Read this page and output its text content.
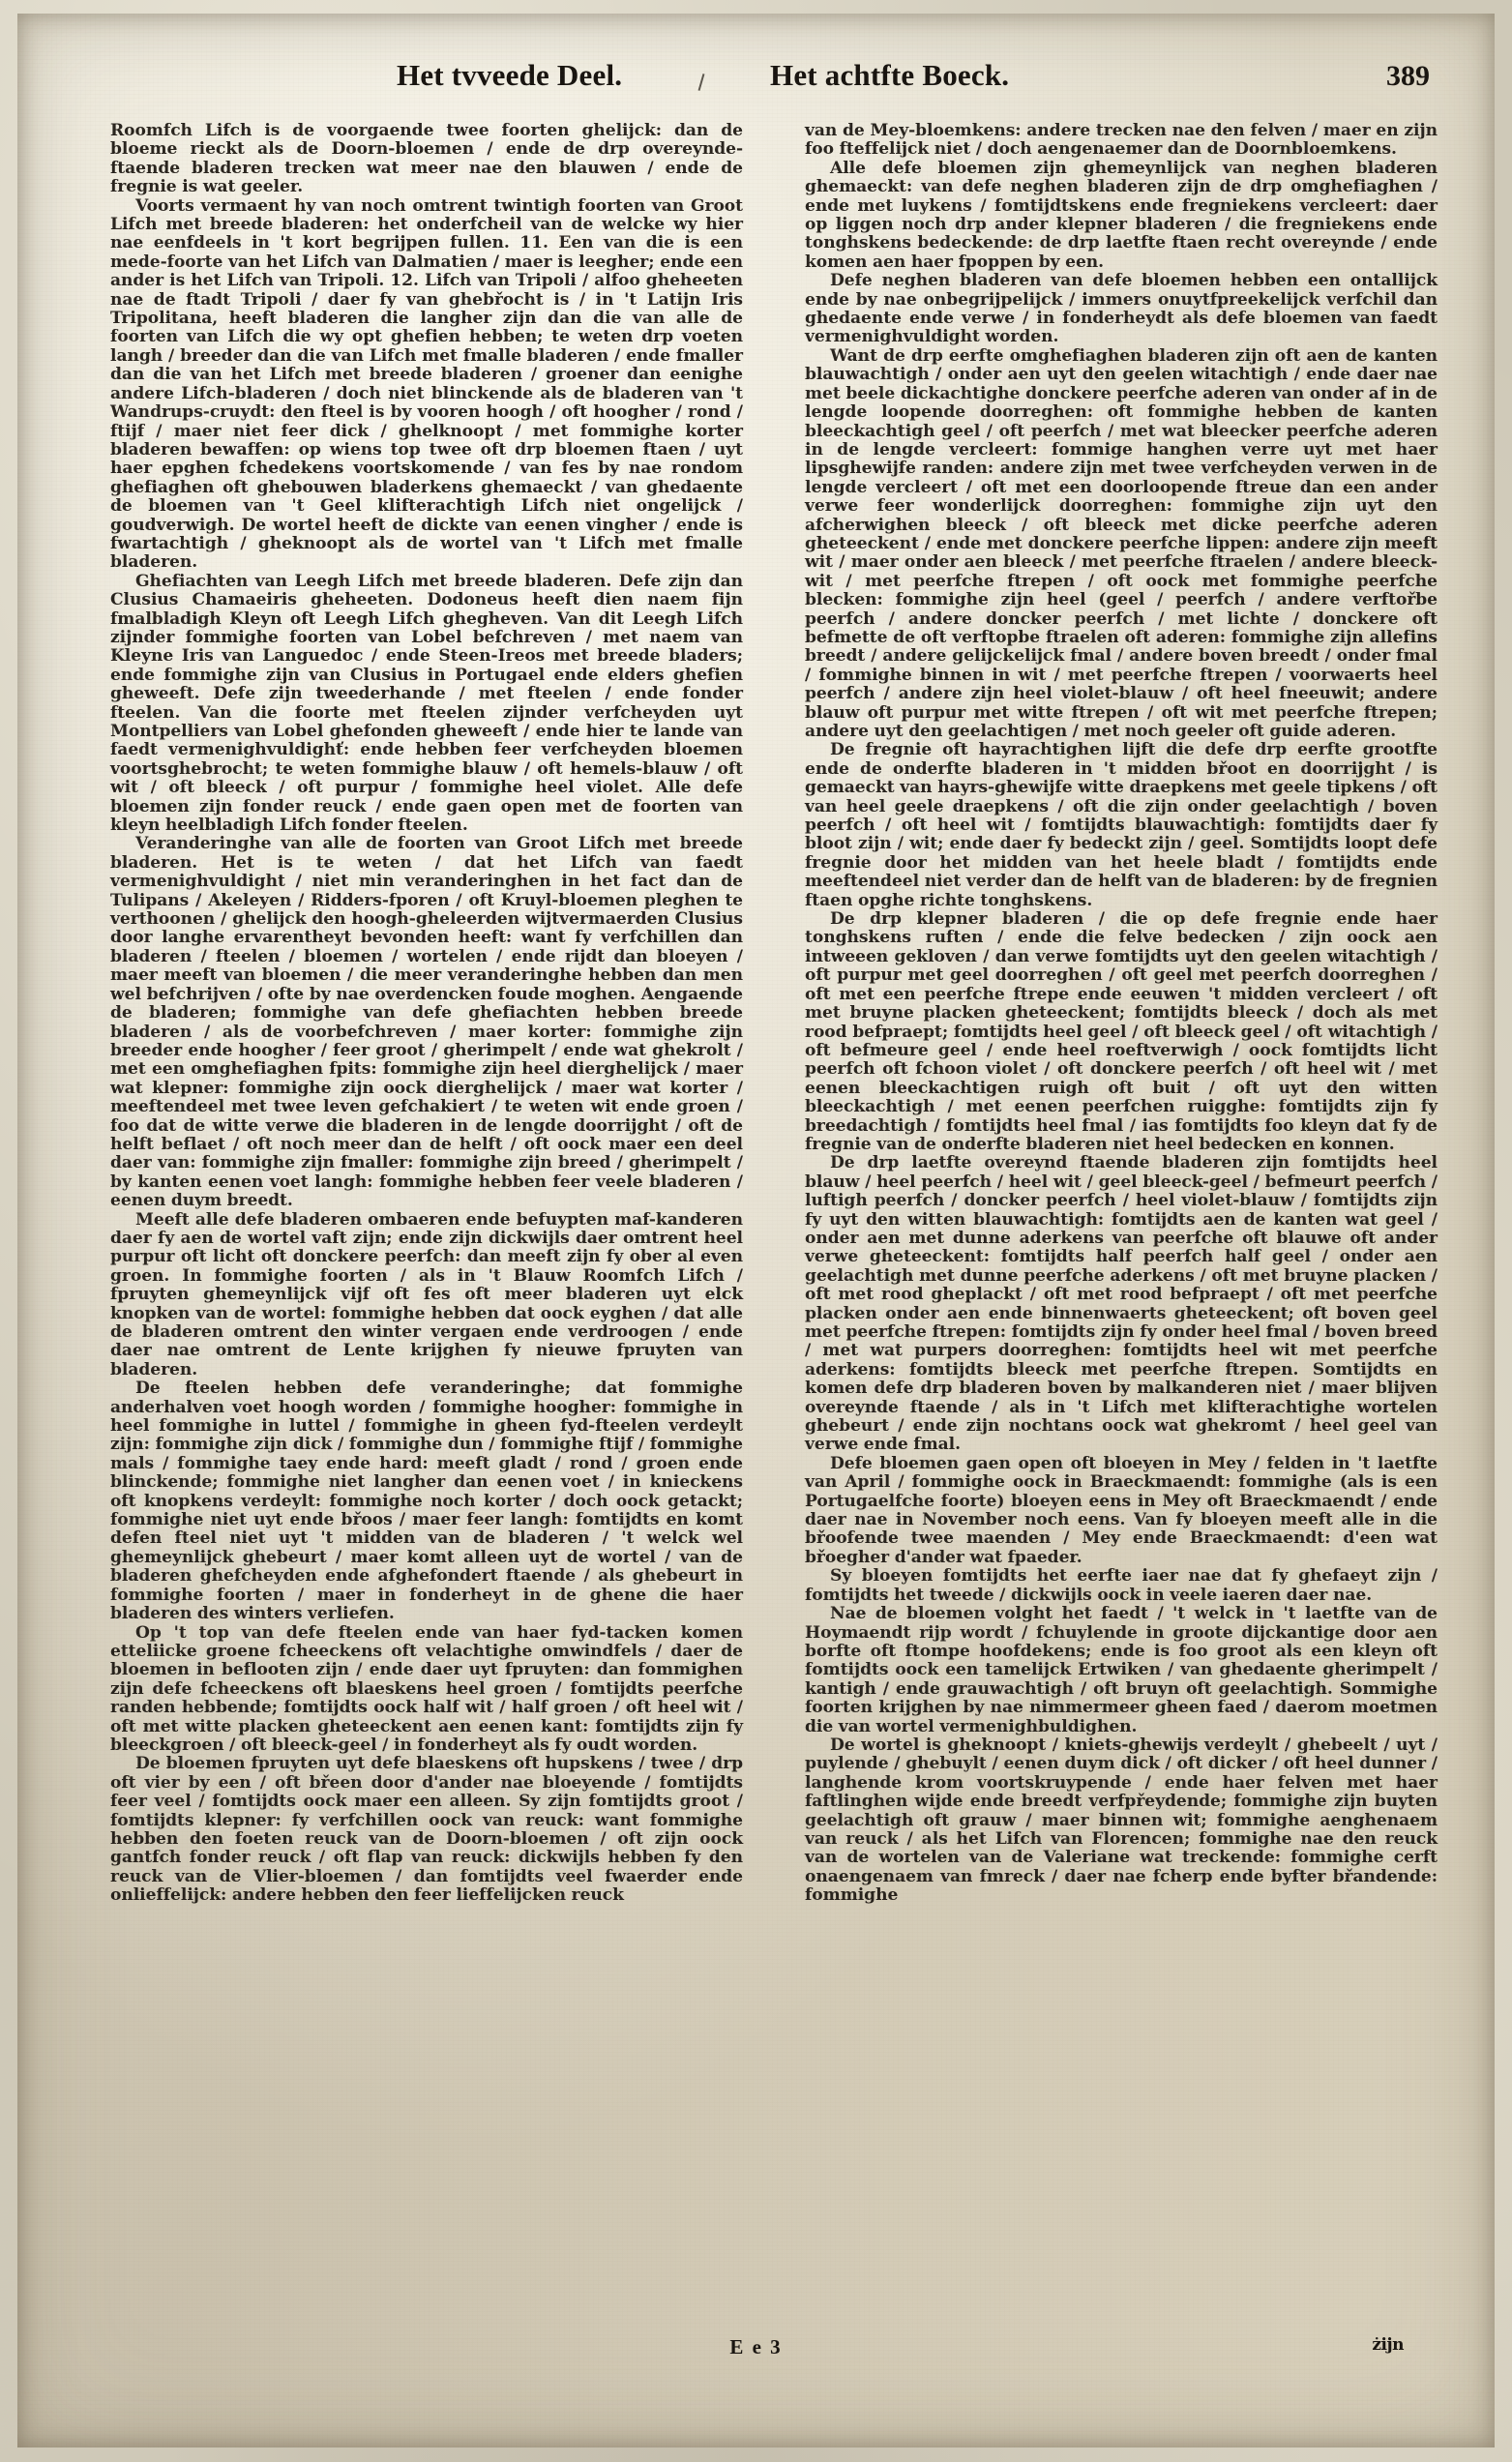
Het tvveede Deel.	Het achtfte Boeck.	389

Roomfch Lifch is de voorgaende twee foorten ghelijck: dan de bloeme rieckt als de Doorn-bloemen / ende de drp overeynde-ftaende bladeren trecken wat meer nae den blauwen / ende de fregnie is wat geeler.

Voorts vermaent hy van noch omtrent twintigh foorten van Groot Lifch met breede bladeren: het onderfcheil van de welcke wy hier nae eenfdeels in 't kort begrijpen fullen. 11. Een van die is een mede-foorte van het Lifch van Dalmatien / maer is leegher; ende een ander is het Lifch van Tripoli. 12. Lifch van Tripoli / alfoo gheheeten nae de ftadt Tripoli / daer fy van ghebřocht is / in 't Latijn Iris Tripolitana, heeft bladeren die langher zijn dan die van alle de foorten van Lifch die wy opt ghefien hebben; te weten drp voeten langh / breeder dan die van Lifch met fmalle bladeren / ende fmaller dan die van het Lifch met breede bladeren / groener dan eenighe andere Lifch-bladeren / doch niet blinckende als de bladeren van 't Wandrups-cruydt: den fteel is by vooren hoogh / oft hoogher / rond / ftijf / maer niet feer dick / ghelknoopt / met fommighe korter bladeren bewaffen: op wiens top twee oft drp bloemen ftaen / uyt haer epghen fchedekens voortskomende / van fes by nae rondom ghefiaghen oft ghebouwen bladerkens ghemaeckt / van ghedaente de bloemen van 't Geel klifterachtigh Lifch niet ongelijck / goudverwigh. De wortel heeft de dickte van eenen vingher / ende is fwartachtigh / gheknoopt als de wortel van 't Lifch met fmalle bladeren.

Ghefiachten van Leegh Lifch met breede bladeren. Defe zijn dan Clusius Chamaeiris gheheeten. Dodoneus heeft dien naem fijn fmalbladigh Kleyn oft Leegh Lifch ghegheven. Van dit Leegh Lifch zijnder fommighe foorten van Lobel befchreven / met naem van Kleyne Iris van Languedoc / ende Steen-Ireos met breede bladers; ende fommighe zijn van Clusius in Portugael ende elders ghefien gheweeft. Defe zijn tweederhande / met fteelen / ende fonder fteelen. Van die foorte met fteelen zijnder verfcheyden uyt Montpelliers van Lobel ghefonden gheweeft / ende hier te lande van faedt vermenighvuldighť: ende hebben feer verfcheyden bloemen voortsghebrocht; te weten fommighe blauw / oft hemels-blauw / oft wit / oft bleeck / oft purpur / fommighe heel violet. Alle defe bloemen zijn fonder reuck / ende gaen open met de foorten van kleyn heelbladigh Lifch fonder fteelen.

Veranderinghe van alle de foorten van Groot Lifch met breede bladeren. Het is te weten / dat het Lifch van faedt vermenighvuldight / niet min veranderinghen in het fact dan de Tulipans / Akeleyen / Ridders-fporen / oft Kruyl-bloemen pleghen te verthoonen / ghelijck den hoogh-gheleerden wijtvermaerden Clusius door langhe ervarentheyt bevonden heeft: want fy verfchillen dan bladeren / fteelen / bloemen / wortelen / ende rijdt dan bloeyen / maer meeft van bloemen / die meer veranderinghe hebben dan men wel befchrijven / ofte by nae overdencken foude moghen. Aengaende de bladeren; fommighe van defe ghefiachten hebben breede bladeren / als de voorbefchreven / maer korter: fommighe zijn breeder ende hoogher / feer groot / gherimpelt / ende wat ghekrolt / met een omghefiaghen fpits: fommighe zijn heel dierghelijck / maer wat klepner: fommighe zijn oock dierghelijck / maer wat korter / meeftendeel met twee leven gefchakiert / te weten wit ende groen / foo dat de witte verwe die bladeren in de lengde doorrijght / oft de helft beflaet / oft noch meer dan de helft / oft oock maer een deel daer van: fommighe zijn fmaller: fommighe zijn breed / gherimpelt / by kanten eenen voet langh: fommighe hebben feer veele bladeren / eenen duym breedt.

Meeft alle defe bladeren ombaeren ende befuypten maf-kanderen daer fy aen de wortel vaft zijn; ende zijn dickwijls daer omtrent heel purpur oft licht oft donckere peerfch: dan meeft zijn fy ober al even groen. In fommighe foorten / als in 't Blauw Roomfch Lifch / fpruyten ghemeynlijck vijf oft fes oft meer bladeren uyt elck knopken van de wortel: fommighe hebben dat oock eyghen / dat alle de bladeren omtrent den winter vergaen ende verdroogen / ende daer nae omtrent de Lente krijghen fy nieuwe fpruyten van bladeren.

De fteelen hebben defe veranderinghe; dat fommighe anderhalven voet hoogh worden / fommighe hoogher: fommighe in heel fommighe in luttel / fommighe in gheen fyd-fteelen verdeylt zijn: fommighe zijn dick / fommighe dun / fommighe ftijf / fommighe mals / fommighe taey ende hard: meeft gladt / rond / groen ende blinckende; fommighe niet langher dan eenen voet / in knieckens oft knopkens verdeylt: fommighe noch korter / doch oock getackt; fommighe niet uyt ende břoos / maer feer langh: fomtijdts en komt defen fteel niet uyt 't midden van de bladeren / 't welck wel ghemeynlijck ghebeurt / maer komt alleen uyt de wortel / van de bladeren ghefcheyden ende afghefondert ftaende / als ghebeurt in fommighe foorten / maer in fonderheyt in de ghene die haer bladeren des winters verliefen.

Op 't top van defe fteelen ende van haer fyd-tacken komen etteliicke groene fcheeckens oft velachtighe omwindfels / daer de bloemen in beflooten zijn / ende daer uyt fpruyten: dan fommighen zijn defe fcheeckens oft blaeskens heel groen / fomtijdts peerfche randen hebbende; fomtijdts oock half wit / half groen / oft heel wit / oft met witte placken gheteeckent aen eenen kant: fomtijdts zijn fy bleeckgroen / oft bleeck-geel / in fonderheyt als fy oudt worden.

De bloemen fpruyten uyt defe blaeskens oft hupskens / twee / drp oft vier by een / oft břeen door d'ander nae bloeyende / fomtijdts feer veel / fomtijdts oock maer een alleen. Sy zijn fomtijdts groot / fomtijdts klepner: fy verfchillen oock van reuck: want fommighe hebben den foeten reuck van de Doorn-bloemen / oft zijn oock gantfch fonder reuck / oft flap van reuck: dickwijls hebben fy den reuck van de Vlier-bloemen / dan fomtijdts veel fwaerder ende onlieffelijck: andere hebben den feer lieffelijcken reuck

van de Mey-bloemkens: andere trecken nae den felven / maer en zijn foo fteffelijck niet / doch aengenaemer dan de Doornbloemkens.

Alle defe bloemen zijn ghemeynlijck van neghen bladeren ghemaeckt: van defe neghen bladeren zijn de drp omghefiaghen / ende met luykens / fomtijdtskens ende fregniekens vercleert: daer op liggen noch drp ander klepner bladeren / die fregniekens ende tonghskens bedeckende: de drp laetfte ftaen recht overeynde / ende komen aen haer fpoppen by een.

Defe neghen bladeren van defe bloemen hebben een ontallijck ende by nae onbegrijpelijck / immers onuytfpreekelijck verfchil dan ghedaente ende verwe / in fonderheydt als defe bloemen van faedt vermenighvuldight worden.

Want de drp eerfte omghefiaghen bladeren zijn oft aen de kanten blauwachtigh / onder aen uyt den geelen witachtigh / ende daer nae met beele dickachtighe donckere peerfche aderen van onder af in de lengde loopende doorreghen: oft fommighe hebben de kanten bleeckachtigh geel / oft peerfch / met wat bleecker peerfche aderen in de lengde vercleert: fommige hanghen verre uyt met haer lipsghewijfe randen: andere zijn met twee verfcheyden verwen in de lengde vercleert / oft met een doorloopende ftreue dan een ander verwe feer wonderlijck doorreghen: fommighe zijn uyt den afcherwighen bleeck / oft bleeck met dicke peerfche aderen gheteeckent / ende met donckere peerfche lippen: andere zijn meeft wit / maer onder aen bleeck / met peerfche ftraelen / andere bleeck-wit / met peerfche ftrepen / oft oock met fommighe peerfche blecken: fommighe zijn heel (geel / peerfch / andere verftořbe peerfch / andere doncker peerfch / met lichte / donckere oft befmette de oft verftopbe ftraelen oft aderen: fommighe zijn allefins breedt / andere gelijckelijck fmal / andere boven breedt / onder fmal / fommighe binnen in wit / met peerfche ftrepen / voorwaerts heel peerfch / andere zijn heel violet-blauw / oft heel fneeuwit; andere blauw oft purpur met witte ftrepen / oft wit met peerfche ftrepen; andere uyt den geelachtigen / met noch geeler oft guide aderen.

De fregnie oft hayrachtighen lijft die defe drp eerfte grootfte ende de onderfte bladeren in 't midden břoot en doorrijght / is gemaeckt van hayrs-ghewijfe witte draepkens met geele tipkens / oft van heel geele draepkens / oft die zijn onder geelachtigh / boven peerfch / oft heel wit / fomtijdts blauwachtigh: fomtijdts daer fy bloot zijn / wit; ende daer fy bedeckt zijn / geel. Somtijdts loopt defe fregnie door het midden van het heele bladt / fomtijdts ende meeftendeel niet verder dan de helft van de bladeren: by de fregnien ftaen opghe richte tonghskens.

De drp klepner bladeren / die op defe fregnie ende haer tonghskens ruften / ende die felve bedecken / zijn oock aen intweeen gekloven / dan verwe fomtijdts uyt den geelen witachtigh / oft purpur met geel doorreghen / oft geel met peerfch doorreghen / oft met een peerfche ftrepe ende eeuwen 't midden vercleert / oft met bruyne placken gheteeckent; fomtijdts bleeck / doch als met rood befpraept; fomtijdts heel geel / oft bleeck geel / oft witachtigh / oft befmeure geel / ende heel roeftverwigh / oock fomtijdts licht peerfch oft fchoon violet / oft donckere peerfch / oft heel wit / met eenen bleeckachtigen ruigh oft buit / oft uyt den witten bleeckachtigh / met eenen peerfchen ruigghe: fomtijdts zijn fy breedachtigh / fomtijdts heel fmal / ias fomtijdts foo kleyn dat fy de fregnie van de onderfte bladeren niet heel bedecken en konnen.

De drp laetfte overeynd ftaende bladeren zijn fomtijdts heel blauw / heel peerfch / heel wit / geel bleeck-geel / befmeurt peerfch / luftigh peerfch / doncker peerfch / heel violet-blauw / fomtijdts zijn fy uyt den witten blauwachtigh: fomtijdts aen de kanten wat geel / onder aen met dunne aderkens van peerfche oft blauwe oft ander verwe gheteeckent: fomtijdts half peerfch half geel / onder aen geelachtigh met dunne peerfche aderkens / oft met bruyne placken / oft met rood gheplackt / oft met rood befpraept / oft met peerfche placken onder aen ende binnenwaerts gheteeckent; oft boven geel met peerfche ftrepen: fomtijdts zijn fy onder heel fmal / boven breed / met wat purpers doorreghen: fomtijdts heel wit met peerfche aderkens: fomtijdts bleeck met peerfche ftrepen. Somtijdts en komen defe drp bladeren boven by malkanderen niet / maer blijven overeynde ftaende / als in 't Lifch met klifterachtighe wortelen ghebeurt / ende zijn nochtans oock wat ghekromt / heel geel van verwe ende fmal.

Defe bloemen gaen open oft bloeyen in Mey / felden in 't laetfte van April / fommighe oock in Braeckmaendt: fommighe (als is een Portugaelfche foorte) bloeyen eens in Mey oft Braeckmaendt / ende daer nae in November noch eens. Van fy bloeyen meeft alle in die břoofende twee maenden / Mey ende Braeckmaendt: d'een wat břoegher d'ander wat fpaeder.

Sy bloeyen fomtijdts het eerfte iaer nae dat fy ghefaeyt zijn / fomtijdts het tweede / dickwijls oock in veele iaeren daer nae.

Nae de bloemen volght het faedt / 't welck in 't laetfte van de Hoymaendt rijp wordt / fchuylende in groote dijckantige door aen borfte oft ftompe hoofdekens; ende is foo groot als een kleyn oft fomtijdts oock een tamelijck Ertwiken / van ghedaente gherimpelt / kantigh / ende grauwachtigh / oft bruyn oft geelachtigh. Sommighe foorten krijghen by nae nimmermeer gheen faed / daerom moetmen die van wortel vermenighbuldighen.

De wortel is gheknoopt / kniets-ghewijs verdeylt / ghebeelt / uyt / puylende / ghebuylt / eenen duym dick / oft dicker / oft heel dunner / langhende krom voortskruypende / ende haer felven met haer faftlinghen wijde ende breedt verfpřeydende; fommighe zijn buyten geelachtigh oft grauw / maer binnen wit; fommighe aenghenaem van reuck / als het Lifch van Florencen; fommighe nae den reuck van de wortelen van de Valeriane wat treckende: fommighe cerft onaengenaem van fmreck / daer nae fcherp ende byfter břandende: fommighe

E e 3	żijn
